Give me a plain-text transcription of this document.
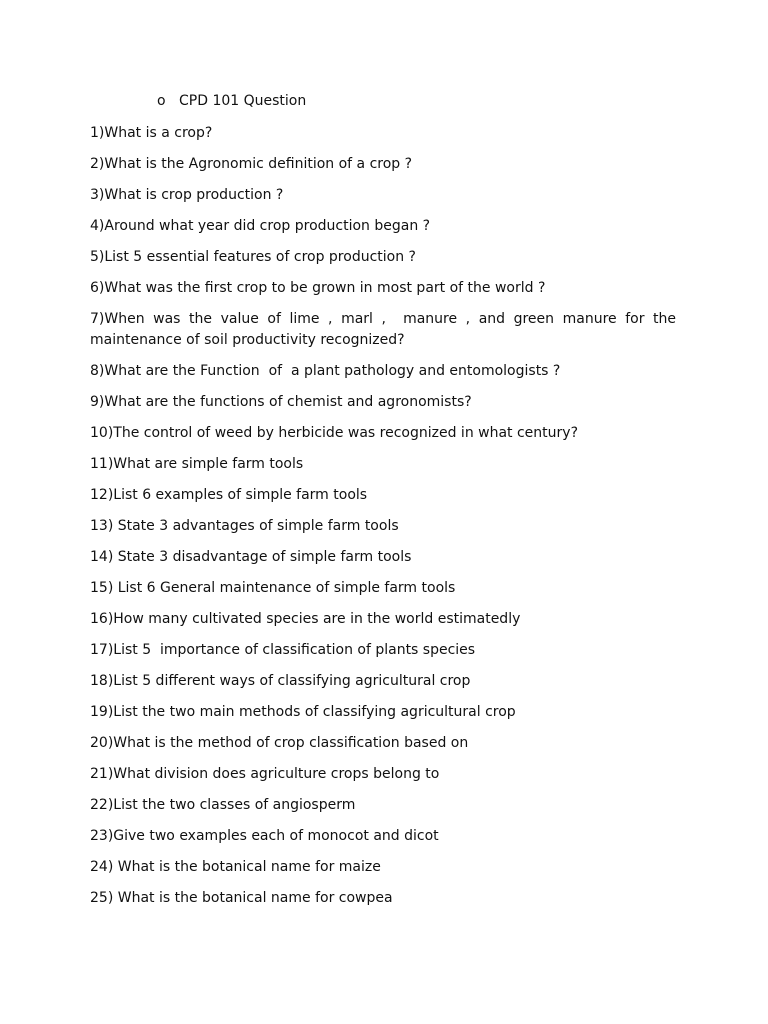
o CPD 101 Question
1)What is a crop?
2)What is the Agronomic definition of a crop ?
3)What is crop production ?
4)Around what year did crop production began ?
5)List 5 essential features of crop production ?
6)What was the first crop to be grown in most part of the world ?
7)When was the value of lime , marl ,  manure , and green manure for the maintenance of soil productivity recognized?
8)What are the Function  of  a plant pathology and entomologists ?
9)What are the functions of chemist and agronomists?
10)The control of weed by herbicide was recognized in what century?
11)What are simple farm tools
12)List 6 examples of simple farm tools
13) State 3 advantages of simple farm tools
14) State 3 disadvantage of simple farm tools
15) List 6 General maintenance of simple farm tools
16)How many cultivated species are in the world estimatedly
17)List 5  importance of classification of plants species
18)List 5 different ways of classifying agricultural crop
19)List the two main methods of classifying agricultural crop
20)What is the method of crop classification based on
21)What division does agriculture crops belong to
22)List the two classes of angiosperm
23)Give two examples each of monocot and dicot
24) What is the botanical name for maize
25) What is the botanical name for cowpea
